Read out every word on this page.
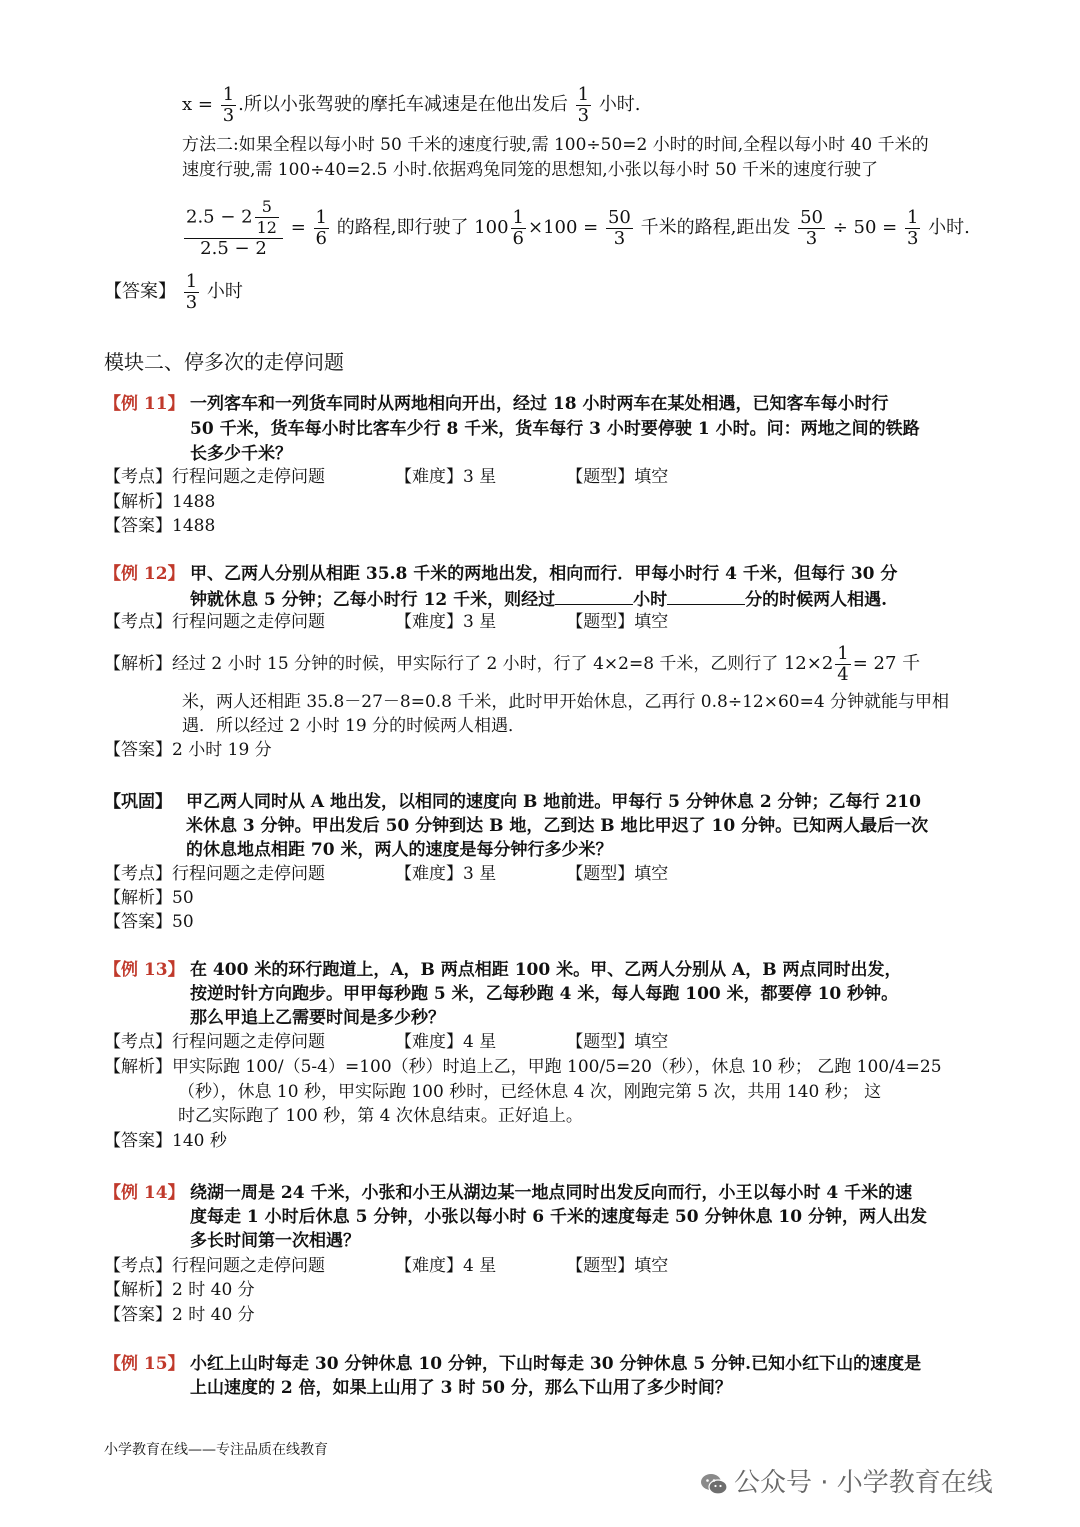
$x = \frac{1}{3}$ .所以小张驾驶的摩托车减速是在他出发后 $\frac{1}{3}$ 小时.
方法二:如果全程以每小时 50 千米的速度行驶,需 100÷50=2 小时的时间,全程以每小时 40 千米的
速度行驶,需 100÷40=2.5 小时.依据鸡兔同笼的思想知,小张以每小时 50 千米的速度行驶了
$\frac{2.5 - 2 \frac{5}{12}}{2.5 - 2} = \frac{1}{6}$ 的路程,即行驶了 $100 \frac{1}{6} \times 100 = \frac{50}{3}$ 千米的路程,距出发 $\frac{50}{3} \div 50 = \frac{1}{3}$ 小时.
【答案】 $\frac{1}{3}$ 小时
模块二、停多次的走停问题
【例 11】 一列客车和一列货车同时从两地相向开出，经过 18 小时两车在某处相遇，已知客车每小时行
50 千米，货车每小时比客车少行 8 千米，货车每行 3 小时要停驶 1 小时。问：两地之间的铁路
长多少千米？
【考点】行程问题之走停问题	【难度】3 星	【题型】填空
【解析】1488
【答案】1488
【例 12】 甲、乙两人分别从相距 35.8 千米的两地出发，相向而行．甲每小时行 4 千米，但每行 30 分
钟就休息 5 分钟；乙每小时行 12 千米，则经过	小时	分的时候两人相遇.
【考点】行程问题之走停问题	【难度】3 星	【题型】填空
【解析】经过 2 小时 15 分钟的时候，甲实际行了 2 小时，行了 4×2=8 千米，乙则行了 $12\times 2 \frac{1}{4} = 27$ 千
米，两人还相距 35.8－27－8=0.8 千米，此时甲开始休息，乙再行 0.8÷12×60=4 分钟就能与甲相
遇．所以经过 2 小时 19 分的时候两人相遇．
【答案】2 小时 19 分
【巩固】 甲乙两人同时从 A 地出发，以相同的速度向 B 地前进。甲每行 5 分钟休息 2 分钟；乙每行 210
米休息 3 分钟。甲出发后 50 分钟到达 B 地，乙到达 B 地比甲迟了 10 分钟。已知两人最后一次
的休息地点相距 70 米，两人的速度是每分钟行多少米？
【考点】行程问题之走停问题	【难度】3 星	【题型】填空
【解析】50
【答案】50
【例 13】 在 400 米的环行跑道上，A，B 两点相距 100 米。甲、乙两人分别从 A，B 两点同时出发，
按逆时针方向跑步。甲甲每秒跑 5 米，乙每秒跑 4 米，每人每跑 100 米，都要停 10 秒钟。
那么甲追上乙需要时间是多少秒？
【考点】行程问题之走停问题	【难度】4 星	【题型】填空
【解析】甲实际跑 100/（5-4）=100（秒）时追上乙，甲跑 100/5=20（秒），休息 10 秒； 乙跑 100/4=25
（秒），休息 10 秒，甲实际跑 100 秒时，已经休息 4 次，刚跑完第 5 次，共用 140 秒； 这
时乙实际跑了 100 秒，第 4 次休息结束。正好追上。
【答案】140 秒
【例 14】 绕湖一周是 24 千米，小张和小王从湖边某一地点同时出发反向而行，小王以每小时 4 千米的速
度每走 1 小时后休息 5 分钟，小张以每小时 6 千米的速度每走 50 分钟休息 10 分钟，两人出发
多长时间第一次相遇？
【考点】行程问题之走停问题	【难度】4 星	【题型】填空
【解析】2 时 40 分
【答案】2 时 40 分
【例 15】 小红上山时每走 30 分钟休息 10 分钟，下山时每走 30 分钟休息 5 分钟.已知小红下山的速度是
上山速度的 2 倍，如果上山用了 3 时 50 分，那么下山用了多少时间？
小学教育在线——专注品质在线教育
公众号 · 小学教育在线
